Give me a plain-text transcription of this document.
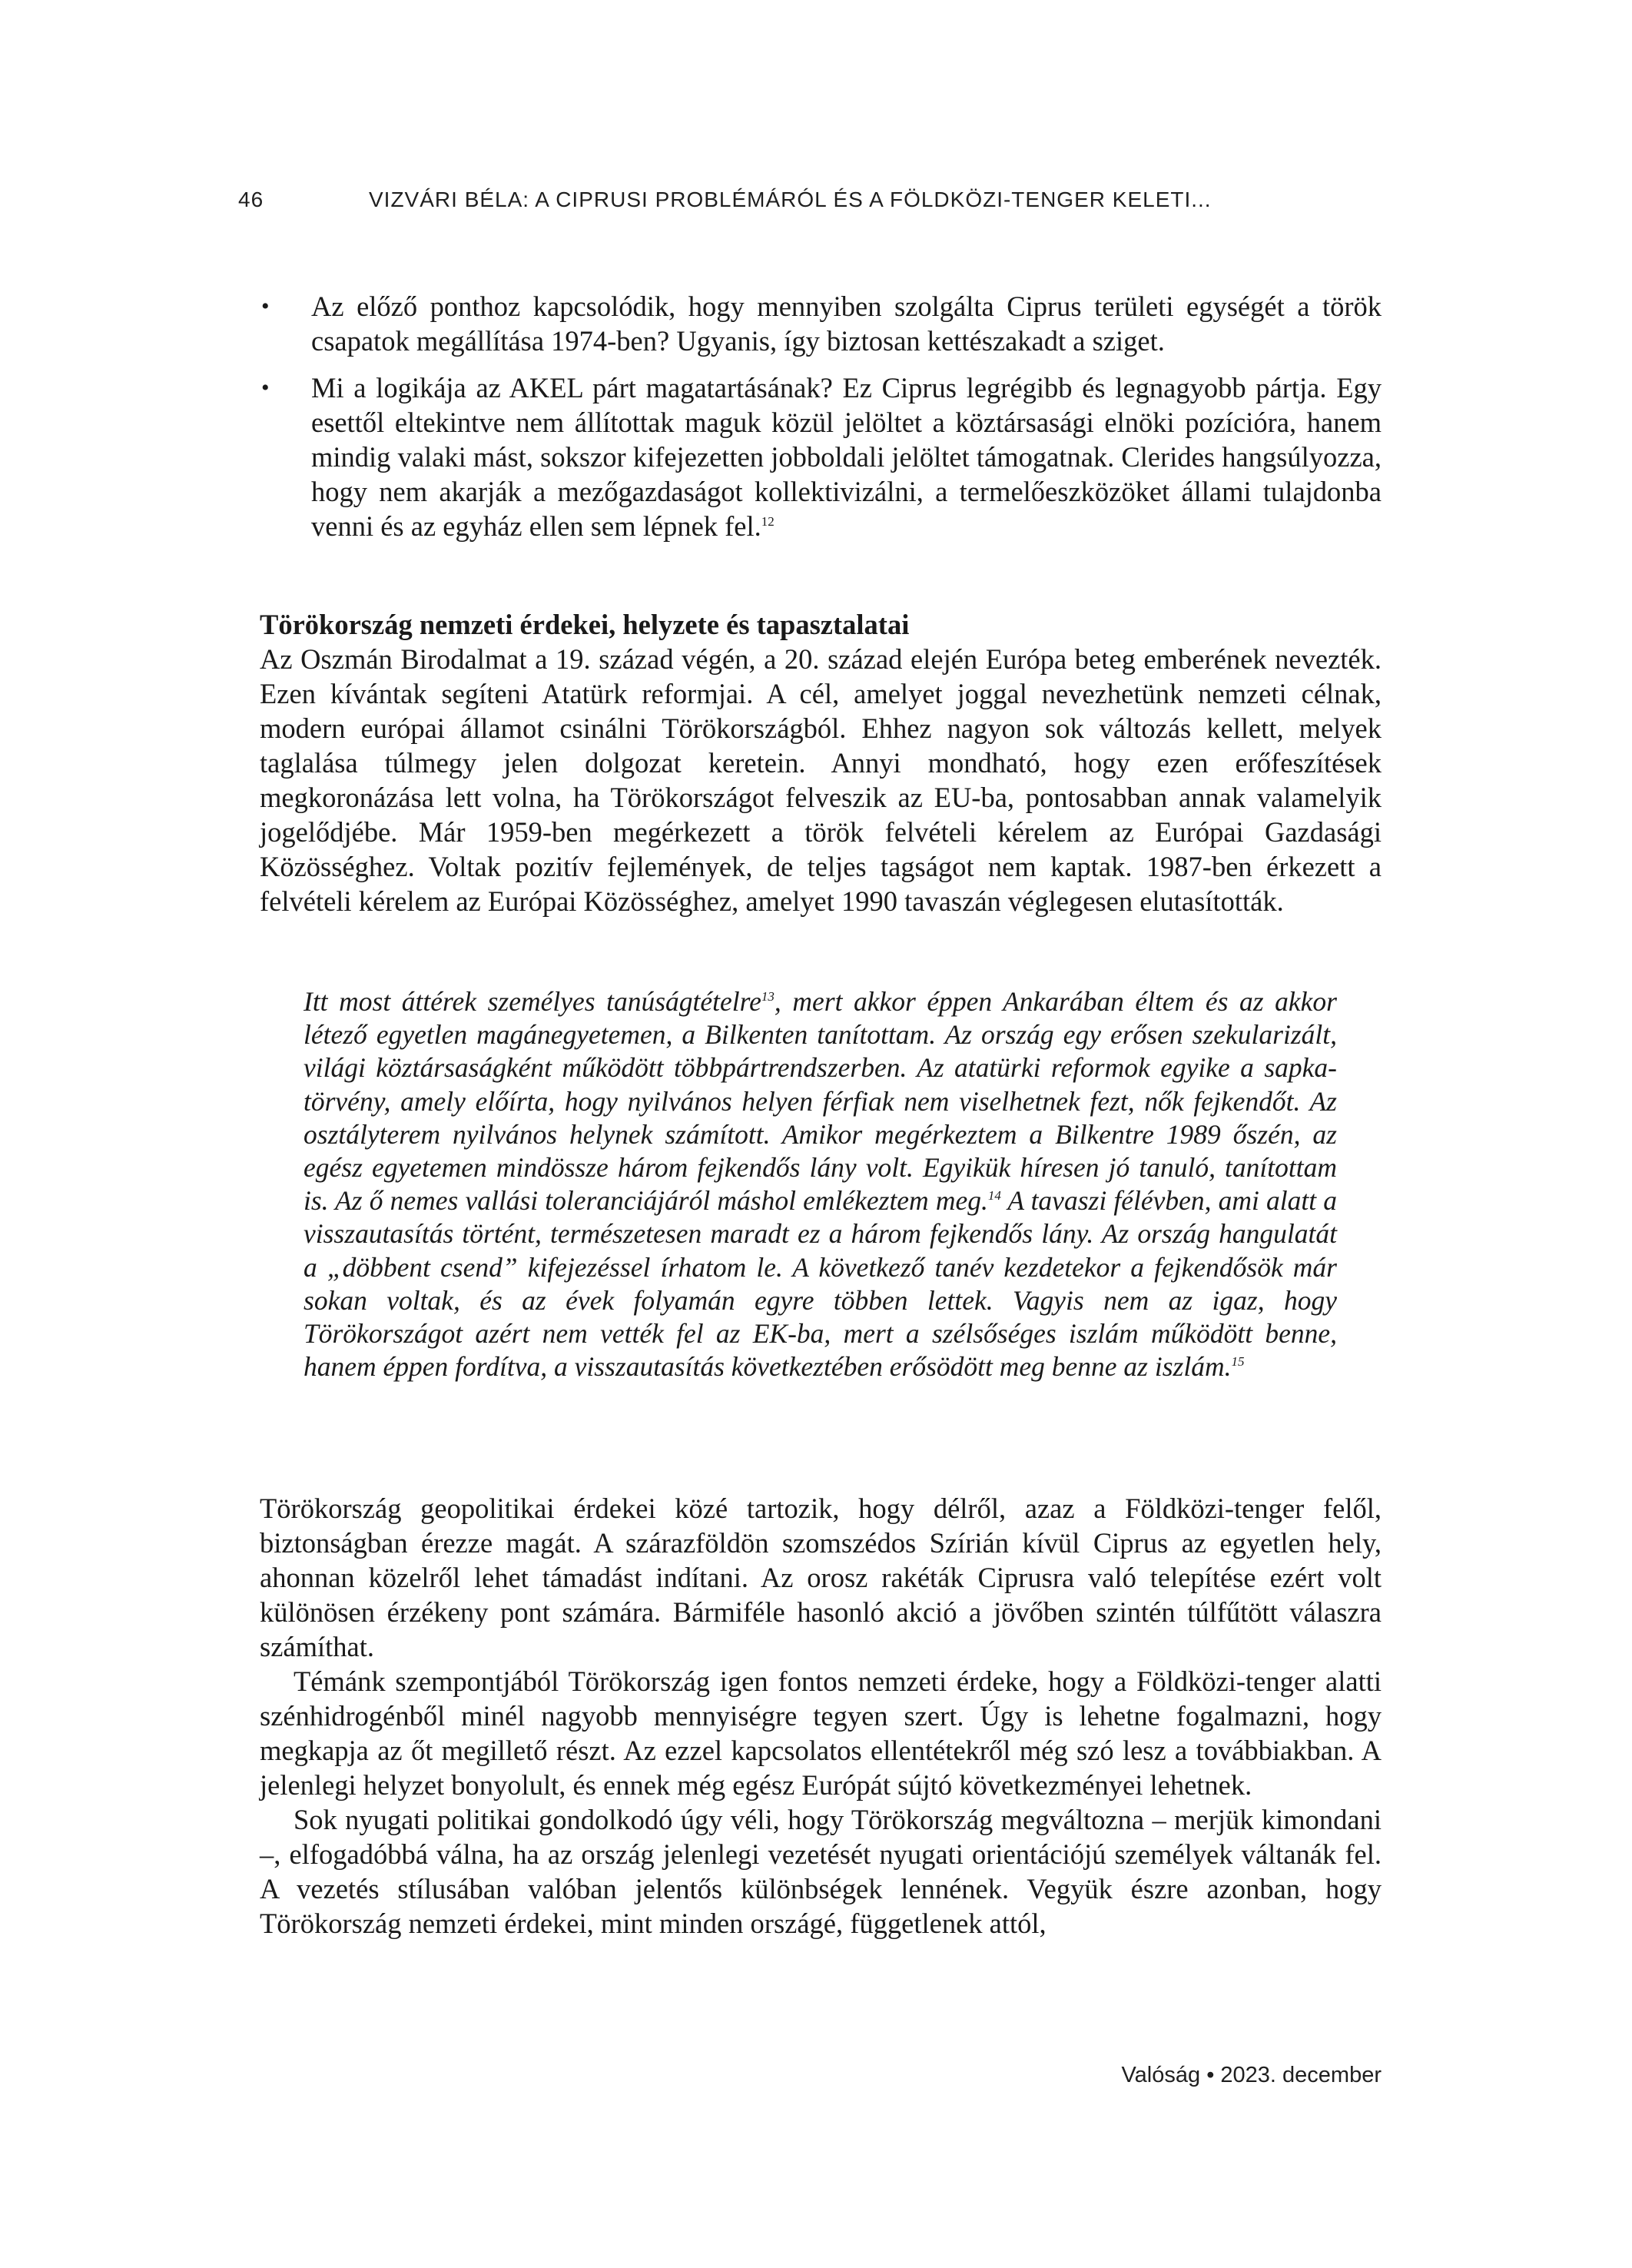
46	VIZVÁRI BÉLA: A CIPRUSI PROBLÉMÁRÓL ÉS A FÖLDKÖZI-TENGER KELETI...
• Az előző ponthoz kapcsolódik, hogy mennyiben szolgálta Ciprus területi egységét a török csapatok megállítása 1974-ben? Ugyanis, így biztosan kettészakadt a sziget.
• Mi a logikája az AKEL párt magatartásának? Ez Ciprus legrégibb és legnagyobb pártja. Egy esettől eltekintve nem állítottak maguk közül jelöltet a köztársasági elnöki pozícióra, hanem mindig valaki mást, sokszor kifejezetten jobboldali jelöltet támogatnak. Clerides hangsúlyozza, hogy nem akarják a mezőgazdaságot kollektivizálni, a termelőeszközöket állami tulajdonba venni és az egyház ellen sem lépnek fel.$^{12}$
Törökország nemzeti érdekei, helyzete és tapasztalatai

Az Oszmán Birodalmat a 19. század végén, a 20. század elején Európa beteg emberének nevezték. Ezen kívántak segíteni Atatürk reformjai. A cél, amelyet joggal nevezhetünk nemzeti célnak, modern európai államot csinálni Törökországból. Ehhez nagyon sok változás kellett, melyek taglalása túlmegy jelen dolgozat keretein. Annyi mondható, hogy ezen erőfeszítések megkoronázása lett volna, ha Törökországot felveszik az EU-ba, pontosabban annak valamelyik jogelődjébe. Már 1959-ben megérkezett a török felvételi kérelem az Európai Gazdasági Közösséghez. Voltak pozitív fejlemények, de teljes tagságot nem kaptak. 1987-ben érkezett a felvételi kérelem az Európai Közösséghez, amelyet 1990 tavaszán véglegesen elutasították.

Itt most áttérek személyes tanúságtételre$^{13}$, mert akkor éppen Ankarában éltem és az akkor létező egyetlen magánegyetemen, a Bilkenten tanítottam. Az ország egy erősen szekularizált, világi köztársaságként működött többpártrendszerben. Az atatürki reformok egyike a sapka-törvény, amely előírta, hogy nyilvános helyen férfiak nem viselhetnek fezt, nők fejkendőt. Az osztályterem nyilvános helynek számított. Amikor megérkeztem a Bilkentre 1989 őszén, az egész egyetemen mindössze három fejkendős lány volt. Egyikük híresen jó tanuló, tanítottam is. Az ő nemes vallási toleranciájáról máshol emlékeztem meg.$^{14}$ A tavaszi félévben, ami alatt a visszautasítás történt, természetesen maradt ez a három fejkendős lány. Az ország hangulatát a „döbbent csend” kifejezéssel írhatom le. A következő tanév kezdetekor a fejkendősök már sokan voltak, és az évek folyamán egyre többen lettek. Vagyis nem az igaz, hogy Törökországot azért nem vették fel az EK-ba, mert a szélsőséges iszlám működött benne, hanem éppen fordítva, a visszautasítás következtében erősödött meg benne az iszlám.$^{15}$

Törökország geopolitikai érdekei közé tartozik, hogy délről, azaz a Földközi-tenger felől, biztonságban érezze magát. A szárazföldön szomszédos Szírián kívül Ciprus az egyetlen hely, ahonnan közelről lehet támadást indítani. Az orosz rakéták Ciprusra való telepítése ezért volt különösen érzékeny pont számára. Bármiféle hasonló akció a jövőben szintén túlfűtött válaszra számíthat.

Témánk szempontjából Törökország igen fontos nemzeti érdeke, hogy a Földközi-tenger alatti szénhidrogénből minél nagyobb mennyiségre tegyen szert. Úgy is lehetne fogalmazni, hogy megkapja az őt megillető részt. Az ezzel kapcsolatos ellentétekről még szó lesz a továbbiakban. A jelenlegi helyzet bonyolult, és ennek még egész Európát sújtó következményei lehetnek.

Sok nyugati politikai gondolkodó úgy véli, hogy Törökország megváltozna – merjük kimondani –, elfogadóbbá válna, ha az ország jelenlegi vezetését nyugati orientációjú személyek váltanák fel. A vezetés stílusában valóban jelentős különbségek lennének. Vegyük észre azonban, hogy Törökország nemzeti érdekei, mint minden országé, függetlenek attól,

Valóság • 2023. december
